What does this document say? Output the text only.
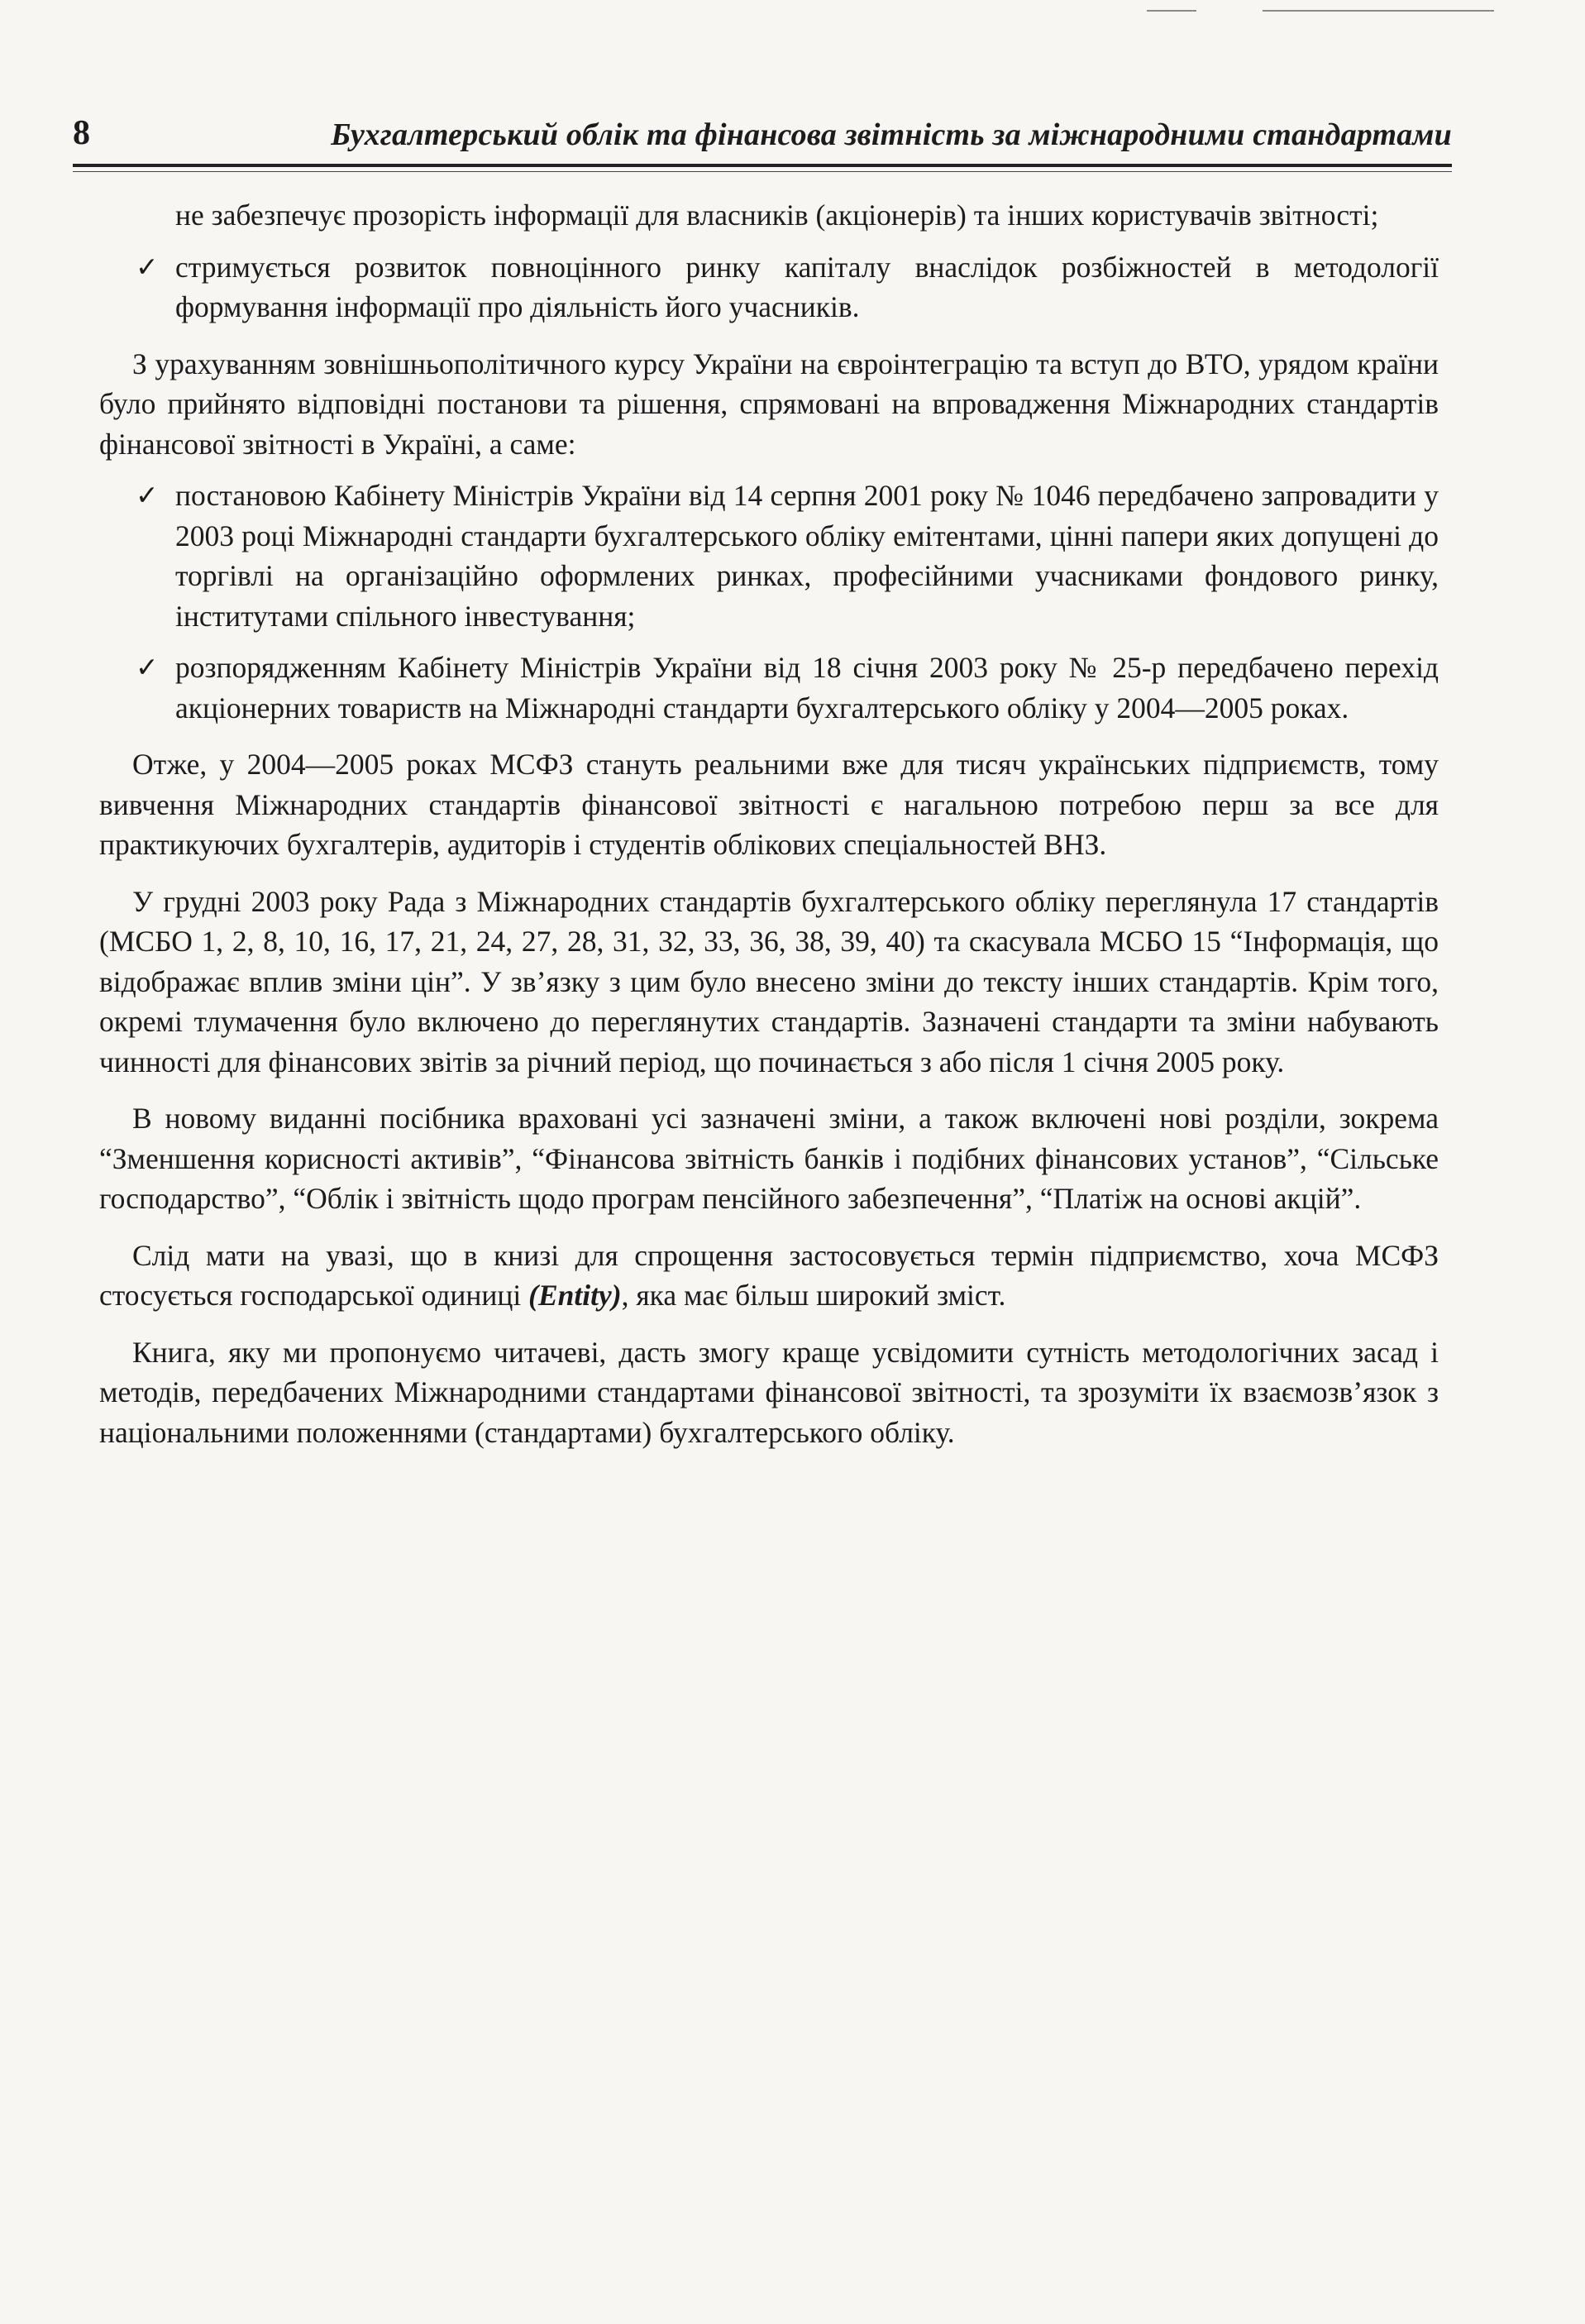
8	Бухгалтерський облік та фінансова звітність за міжнародними стандартами

не забезпечує прозорість інформації для власників (акціонерів) та інших користувачів звітності;

✓ стримується розвиток повноцінного ринку капіталу внаслідок розбіжностей в методології формування інформації про діяльність його учасників.

З урахуванням зовнішньополітичного курсу України на євроінтеграцію та вступ до ВТО, урядом країни було прийнято відповідні постанови та рішення, спрямовані на впровадження Міжнародних стандартів фінансової звітності в Україні, а саме:

✓ постановою Кабінету Міністрів України від 14 серпня 2001 року № 1046 передбачено запровадити у 2003 році Міжнародні стандарти бухгалтерського обліку емітентами, цінні папери яких допущені до торгівлі на організаційно оформлених ринках, професійними учасниками фондового ринку, інститутами спільного інвестування;
✓ розпорядженням Кабінету Міністрів України від 18 січня 2003 року № 25-р передбачено перехід акціонерних товариств на Міжнародні стандарти бухгалтерського обліку у 2004—2005 роках.

Отже, у 2004—2005 роках МСФЗ стануть реальними вже для тисяч українських підприємств, тому вивчення Міжнародних стандартів фінансової звітності є нагальною потребою перш за все для практикуючих бухгалтерів, аудиторів і студентів облікових спеціальностей ВНЗ.

У грудні 2003 року Рада з Міжнародних стандартів бухгалтерського обліку переглянула 17 стандартів (МСБО 1, 2, 8, 10, 16, 17, 21, 24, 27, 28, 31, 32, 33, 36, 38, 39, 40) та скасувала МСБО 15 “Інформація, що відображає вплив зміни цін”. У зв’язку з цим було внесено зміни до тексту інших стандартів. Крім того, окремі тлумачення було включено до переглянутих стандартів. Зазначені стандарти та зміни набувають чинності для фінансових звітів за річний період, що починається з або після 1 січня 2005 року.

В новому виданні посібника враховані усі зазначені зміни, а також включені нові розділи, зокрема “Зменшення корисності активів”, “Фінансова звітність банків і подібних фінансових установ”, “Сільське господарство”, “Облік і звітність щодо програм пенсійного забезпечення”, “Платіж на основі акцій”.

Слід мати на увазі, що в книзі для спрощення застосовується термін підприємство, хоча МСФЗ стосується господарської одиниці (Entity), яка має більш широкий зміст.

Книга, яку ми пропонуємо читачеві, дасть змогу краще усвідомити сутність методологічних засад і методів, передбачених Міжнародними стандартами фінансової звітності, та зрозуміти їх взаємозв’язок з національними положеннями (стандартами) бухгалтерського обліку.
